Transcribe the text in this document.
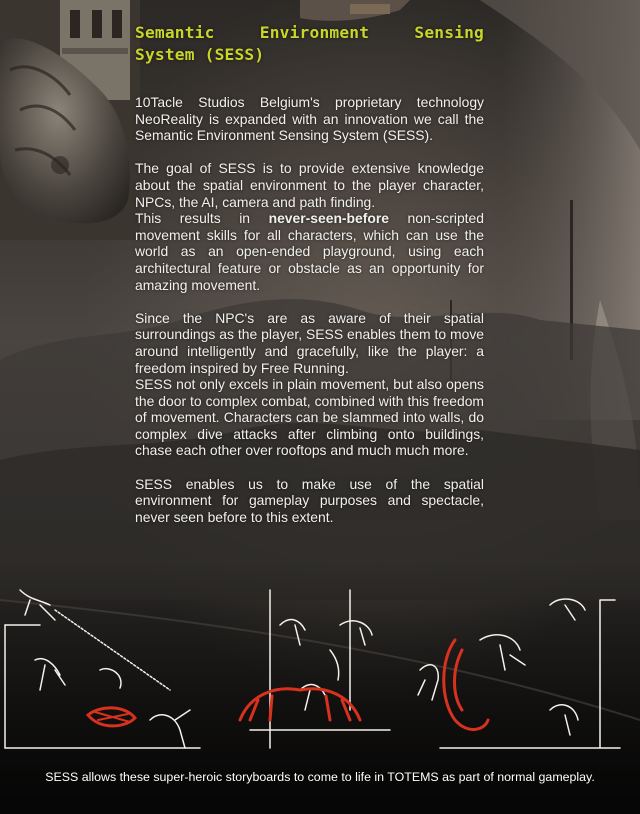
Semantic Environment Sensing
System (SESS)

10Tacle Studios Belgium's proprietary technology NeoReality is expanded with an innovation we call the Semantic Environment Sensing System (SESS).

The goal of SESS is to provide extensive knowledge about the spatial environment to the player character, NPCs, the AI, camera and path finding.

This results in never-seen-before non-scripted movement skills for all characters, which can use the world as an open-ended playground, using each architectural feature or obstacle as an opportunity for amazing movement.

Since the NPC's are as aware of their spatial surroundings as the player, SESS enables them to move around intelligently and gracefully, like the player: a freedom inspired by Free Running.

SESS not only excels in plain movement, but also opens the door to complex combat, combined with this freedom of movement. Characters can be slammed into walls, do complex dive attacks after climbing onto buildings, chase each other over rooftops and much much more.

SESS enables us to make use of the spatial environment for gameplay purposes and spectacle, never seen before to this extent.

SESS allows these super-heroic storyboards to come to life in TOTEMS as part of normal gameplay.
